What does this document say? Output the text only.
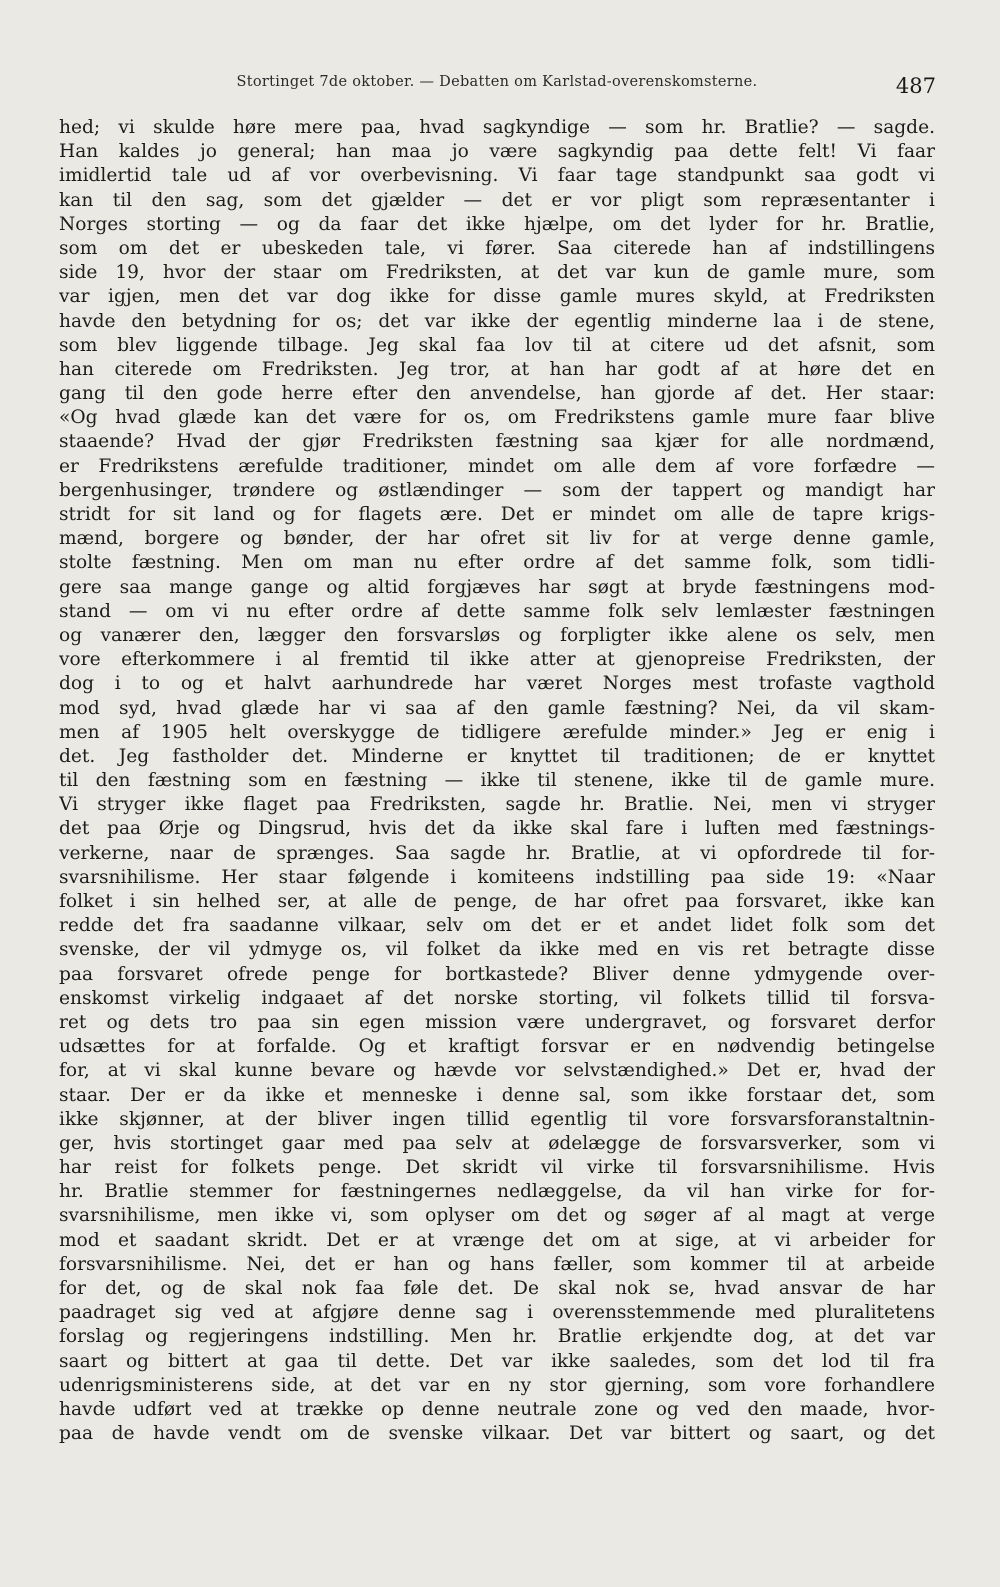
Stortinget 7de oktober. — Debatten om Karlstad-overenskomsterne.	487
hed; vi skulde høre mere paa, hvad sagkyndige — som hr. Bratlie? — sagde.
Han kaldes jo general; han maa jo være sagkyndig paa dette felt! Vi faar
imidlertid tale ud af vor overbevisning. Vi faar tage standpunkt saa godt vi
kan til den sag, som det gjælder — det er vor pligt som repræsentanter i
Norges storting — og da faar det ikke hjælpe, om det lyder for hr. Bratlie,
som om det er ubeskeden tale, vi fører. Saa citerede han af indstillingens
side 19, hvor der staar om Fredriksten, at det var kun de gamle mure, som
var igjen, men det var dog ikke for disse gamle mures skyld, at Fredriksten
havde den betydning for os; det var ikke der egentlig minderne laa i de stene,
som blev liggende tilbage. Jeg skal faa lov til at citere ud det afsnit, som
han citerede om Fredriksten. Jeg tror, at han har godt af at høre det en
gang til den gode herre efter den anvendelse, han gjorde af det. Her staar:
«Og hvad glæde kan det være for os, om Fredrikstens gamle mure faar blive
staaende? Hvad der gjør Fredriksten fæstning saa kjær for alle nordmænd,
er Fredrikstens ærefulde traditioner, mindet om alle dem af vore forfædre —
bergenhusinger, trøndere og østlændinger — som der tappert og mandigt har
stridt for sit land og for flagets ære. Det er mindet om alle de tapre krigs-
mænd, borgere og bønder, der har ofret sit liv for at verge denne gamle,
stolte fæstning. Men om man nu efter ordre af det samme folk, som tidli-
gere saa mange gange og altid forgjæves har søgt at bryde fæstningens mod-
stand — om vi nu efter ordre af dette samme folk selv lemlæster fæstningen
og vanærer den, lægger den forsvarsløs og forpligter ikke alene os selv, men
vore efterkommere i al fremtid til ikke atter at gjenopreise Fredriksten, der
dog i to og et halvt aarhundrede har været Norges mest trofaste vagthold
mod syd, hvad glæde har vi saa af den gamle fæstning? Nei, da vil skam-
men af 1905 helt overskygge de tidligere ærefulde minder.» Jeg er enig i
det. Jeg fastholder det. Minderne er knyttet til traditionen; de er knyttet
til den fæstning som en fæstning — ikke til stenene, ikke til de gamle mure.
Vi stryger ikke flaget paa Fredriksten, sagde hr. Bratlie. Nei, men vi stryger
det paa Ørje og Dingsrud, hvis det da ikke skal fare i luften med fæstnings-
verkerne, naar de sprænges. Saa sagde hr. Bratlie, at vi opfordrede til for-
svarsnihilisme. Her staar følgende i komiteens indstilling paa side 19: «Naar
folket i sin helhed ser, at alle de penge, de har ofret paa forsvaret, ikke kan
redde det fra saadanne vilkaar, selv om det er et andet lidet folk som det
svenske, der vil ydmyge os, vil folket da ikke med en vis ret betragte disse
paa forsvaret ofrede penge for bortkastede? Bliver denne ydmygende over-
enskomst virkelig indgaaet af det norske storting, vil folkets tillid til forsva-
ret og dets tro paa sin egen mission være undergravet, og forsvaret derfor
udsættes for at forfalde. Og et kraftigt forsvar er en nødvendig betingelse
for, at vi skal kunne bevare og hævde vor selvstændighed.» Det er, hvad der
staar. Der er da ikke et menneske i denne sal, som ikke forstaar det, som
ikke skjønner, at der bliver ingen tillid egentlig til vore forsvarsforanstaltnin-
ger, hvis stortinget gaar med paa selv at ødelægge de forsvarsverker, som vi
har reist for folkets penge. Det skridt vil virke til forsvarsnihilisme. Hvis
hr. Bratlie stemmer for fæstningernes nedlæggelse, da vil han virke for for-
svarsnihilisme, men ikke vi, som oplyser om det og søger af al magt at verge
mod et saadant skridt. Det er at vrænge det om at sige, at vi arbeider for
forsvarsnihilisme. Nei, det er han og hans fæller, som kommer til at arbeide
for det, og de skal nok faa føle det. De skal nok se, hvad ansvar de har
paadraget sig ved at afgjøre denne sag i overensstemmende med pluralitetens
forslag og regjeringens indstilling. Men hr. Bratlie erkjendte dog, at det var
saart og bittert at gaa til dette. Det var ikke saaledes, som det lod til fra
udenrigsministerens side, at det var en ny stor gjerning, som vore forhandlere
havde udført ved at trække op denne neutrale zone og ved den maade, hvor-
paa de havde vendt om de svenske vilkaar. Det var bittert og saart, og det
